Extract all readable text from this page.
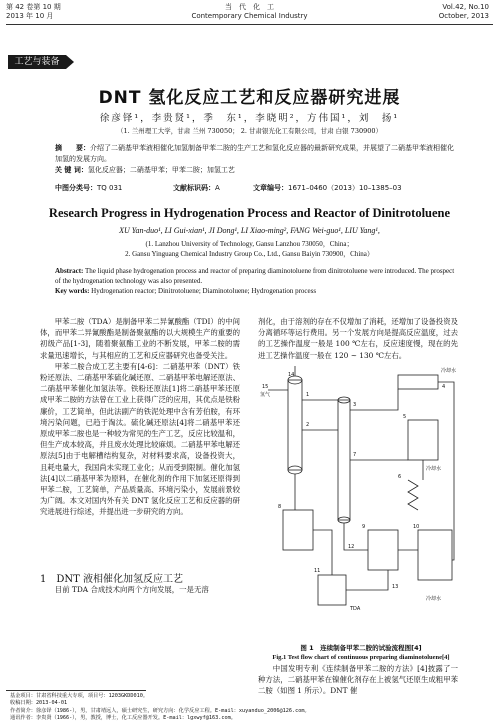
第 42 卷第 10 期
2013 年 10 月
当　代　化　工
Contemporary Chemical Industry
Vol.42, No.10
October, 2013
工艺与装备
DNT 氢化反应工艺和反应器研究进展
徐彦铎¹，李贵贤¹，季　东¹，李晓明²，方伟国¹，刘　扬¹
（1. 兰州理工大学，甘肃 兰州 730050； 2. 甘肃银光化工有限公司，甘肃 白银 730900）
摘　　要：介绍了二硝基甲苯液相催化加氢制备甲苯二胺的生产工艺和氢化反应器的最新研究成果，并展望了二硝基甲苯液相催化加氢的发展方向。
关 键 词：氢化反应器；二硝基甲苯；甲苯二胺；加氢工艺
中图分类号：TQ 031	文献标识码：A	文章编号：1671–0460（2013）10–1385–03
Research Progress in Hydrogenation Process and Reactor of Dinitrotoluene
XU Yan-duo¹, LI Gui-xian¹, JI Dong¹, LI Xiao-ming², FANG Wei-guo¹, LIU Yang¹,
(1. Lanzhou University of Technology, Gansu Lanzhou 730050，China；
2. Gansu Yinguang Chemical Industry Group Co., Ltd., Gansu Baiyin 730900，China）
Abstract: The liquid phase hydrogenation process and reactor of preparing diaminotoluene from dinitrotoluene were introduced. The prospect of the hydrogenation technology was also presented.
Key words: Hydrogenation reactor; Dinitrotoluene; Diaminotoluene; Hydrogenation process

甲苯二胺（TDA）是制备甲苯二异氰酸酯（TDI）的中间体，而甲苯二异氰酸酯是制备聚氨酯的以大规模生产的重要的初级产品[1-3]，随着聚氨酯工业的不断发展，甲苯二胺的需求量迅速增长，与其相应的工艺和反应器研究也备受关注。

甲苯二胺合成工艺主要有[4-6]：二硝基甲苯（DNT）铁粉还原法、二硝基甲苯硫化碱还原、二硝基甲苯电解还原法、二硝基甲苯催化加氢法等。铁粉还原法[1]将二硝基甲苯还原成甲苯二胺的方法曾在工业上获得广泛的应用，其优点是铁粉廉价，工艺简单，但此法副产的铁泥处理中含有芳伯胺，有环境污染问题，已趋于淘汰。硫化碱还原法[4]将二硝基甲苯还原成甲苯二胺也是一种较为常见的生产工艺，反应比较温和，但生产成本较高，并且废水处理比较麻烦。二硝基甲苯电解还原法[5]由于电解槽结构复杂，对材料要求高，设备投资大，且耗电量大，我国尚未实现工业化；从而受到限制。催化加氢法[4]以二硝基甲苯为原料，在催化剂的作用下加氢还原得到甲苯二胺，工艺简单，产品质量高、环境污染小，发展前景较为广阔。本文对国内外有关 DNT 氢化反应工艺和反应器的研究进展进行综述，并提出进一步研究的方向。

1　DNT 液相催化加氢反应工艺

目前 TDA 合成技术向两个方向发展，一是无溶

剂化，由于溶剂的存在不仅增加了消耗，还增加了设备投资及分离循环等运行费用。另一个发展方向是提高反应温度，过去的工艺操作温度一般是 100 ℃左右，反应速度慢，现在的先进工艺操作温度一般在 120 ~ 130 ℃左右。

1
2
3
4
5
6
7
8
9	10
11
12
13
14
15
氢气
冷却水
冷却水
冷却水
TDA
图 1　 连续制备甲苯二胺的试验流程图[4]
Fig.1 Test flow chart of continuous preparing diaminotoluene[4]

中国发明专利《连续制备甲苯二胺的方法》[4]披露了一种方法，二硝基甲苯在镍催化剂存在上被氢气还原生成粗甲苯二胺（如图 1 所示）。DNT 催

基金项目：甘肃省科技重大专项，项目号：1203GKDD010。
收稿日期：2013-04-01
作者简介：徐彦铎（1986-），男，甘肃靖远人，硕士研究生，研究方向：化学反应工程。E-mail：xuyanduo_2006@126.com。
通讯作者：李贵贤（1966-），男，教授，博士，化工反应器开发。E-mail：lgxwyf@163.com。
